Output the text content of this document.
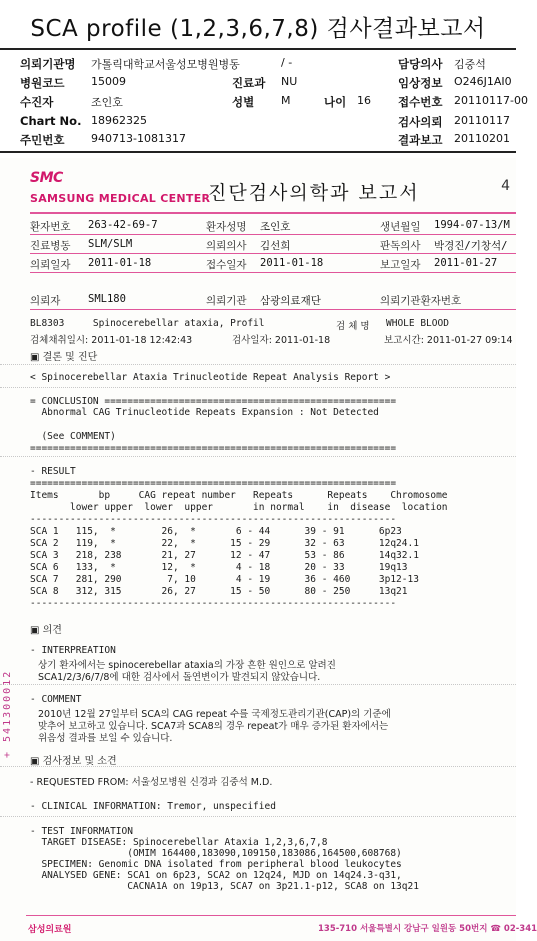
SCA profile (1,2,3,6,7,8) 검사결과보고서
의뢰기관명 가톨릭대학교서울성모병원병동	/ -	담당의사 김중석
병원코드 15009	진료과 NU	임상정보 O246J1AI0
수진자	조인호	성별 M	나이 16 접수번호 20110117-00
Chart No. 18962325	검사의뢰 20110117
주민번호 940713-1081317	결과보고 20110201
SMC
SAMSUNG MEDICAL CENTER
진단검사의학과 보고서	4
환자번호 263-42-69-7	환자성명 조인호	생년월일 1994-07-13/M
진료병동 SLM/SLM	의뢰의사 김선희	판독의사 박경진/기창석/
의뢰일자 2011-01-18	접수일자 2011-01-18	보고일자 2011-01-27
의뢰자	SML180	의뢰기관 삼광의료재단	의뢰기관환자번호
BL8303     Spinocerebellar ataxia, Profil	검 체 명 WHOLE BLOOD
검체채취일시: 2011-01-18 12:42:43	검사일자: 2011-01-18	보고시간: 2011-01-27 09:14
▣ 결론 및 진단
< Spinocerebellar Ataxia Trinucleotide Repeat Analysis Report >
= CONCLUSION ===================================================
Abnormal CAG Trinucleotide Repeats Expansion : Not Detected
(See COMMENT)
================================================================
- RESULT
================================================================
Items       bp     CAG repeat number   Repeats      Repeats    Chromosome
lower upper  lower  upper       in normal    in  disease  location
----------------------------------------------------------------
SCA 1   115,  *        26,  *       6 - 44      39 - 91      6p23
SCA 2   119,  *        22,  *      15 - 29      32 - 63      12q24.1
SCA 3   218, 238       21, 27      12 - 47      53 - 86      14q32.1
SCA 6   133,  *        12,  *       4 - 18      20 - 33      19q13
SCA 7   281, 290        7, 10       4 - 19      36 - 460     3p12-13
SCA 8   312, 315       26, 27      15 - 50      80 - 250     13q21
----------------------------------------------------------------
▣ 의견
- INTERPREATION
상기 환자에서는 spinocerebellar ataxia의 가장 흔한 원인으로 알려진
SCA1/2/3/6/7/8에 대한 검사에서 돌연변이가 발견되지 않았습니다.
- COMMENT
2010년 12월 27일부터 SCA의 CAG repeat 수를 국제정도관리기관(CAP)의 기준에
맞추어 보고하고 있습니다. SCA7과 SCA8의 경우 repeat가 매우 증가된 환자에서는
위음성 결과를 보일 수 있습니다.
▣ 검사정보 및 소견
- REQUESTED FROM: 서울성모병원 신경과 김중석 M.D.
- CLINICAL INFORMATION: Tremor, unspecified
- TEST INFORMATION
TARGET DISEASE: Spinocerebellar Ataxia 1,2,3,6,7,8
(OMIM 164400,183090,109150,183086,164500,608768)
SPECIMEN: Genomic DNA isolated from peripheral blood leukocytes
ANALYSED GENE: SCA1 on 6p23, SCA2 on 12q24, MJD on 14q24.3-q31,
CACNA1A on 19p13, SCA7 on 3p21.1-p12, SCA8 on 13q21
+ 541300012
삼성의료원	135-710 서울특별시 강남구 일원동 50번지 ☎ 02-341
